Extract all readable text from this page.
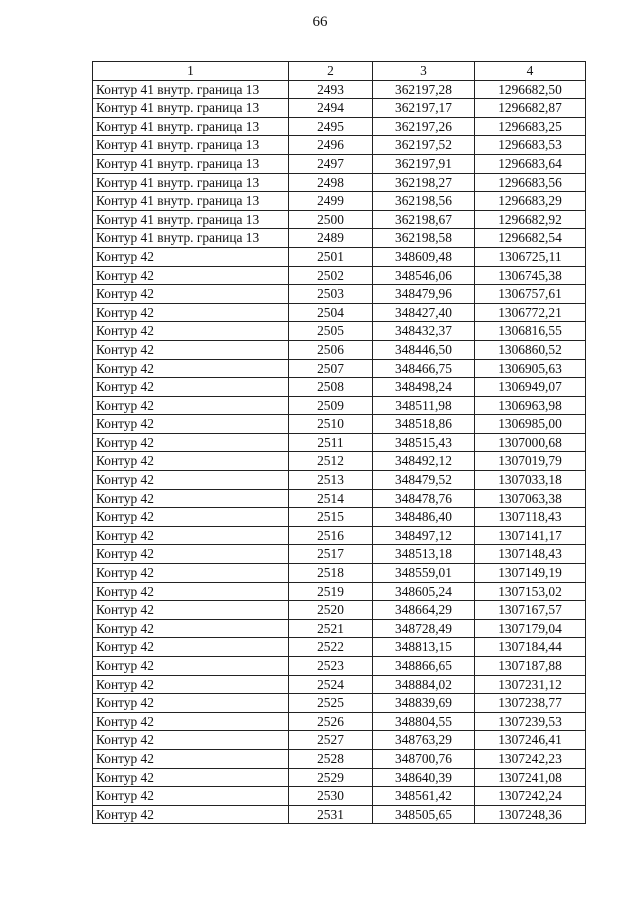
66
1	2	3	4
Контур 41 внутр. граница 13	2493	362197,28	1296682,50
Контур 41 внутр. граница 13	2494	362197,17	1296682,87
Контур 41 внутр. граница 13	2495	362197,26	1296683,25
Контур 41 внутр. граница 13	2496	362197,52	1296683,53
Контур 41 внутр. граница 13	2497	362197,91	1296683,64
Контур 41 внутр. граница 13	2498	362198,27	1296683,56
Контур 41 внутр. граница 13	2499	362198,56	1296683,29
Контур 41 внутр. граница 13	2500	362198,67	1296682,92
Контур 41 внутр. граница 13	2489	362198,58	1296682,54
Контур 42	2501	348609,48	1306725,11
Контур 42	2502	348546,06	1306745,38
Контур 42	2503	348479,96	1306757,61
Контур 42	2504	348427,40	1306772,21
Контур 42	2505	348432,37	1306816,55
Контур 42	2506	348446,50	1306860,52
Контур 42	2507	348466,75	1306905,63
Контур 42	2508	348498,24	1306949,07
Контур 42	2509	348511,98	1306963,98
Контур 42	2510	348518,86	1306985,00
Контур 42	2511	348515,43	1307000,68
Контур 42	2512	348492,12	1307019,79
Контур 42	2513	348479,52	1307033,18
Контур 42	2514	348478,76	1307063,38
Контур 42	2515	348486,40	1307118,43
Контур 42	2516	348497,12	1307141,17
Контур 42	2517	348513,18	1307148,43
Контур 42	2518	348559,01	1307149,19
Контур 42	2519	348605,24	1307153,02
Контур 42	2520	348664,29	1307167,57
Контур 42	2521	348728,49	1307179,04
Контур 42	2522	348813,15	1307184,44
Контур 42	2523	348866,65	1307187,88
Контур 42	2524	348884,02	1307231,12
Контур 42	2525	348839,69	1307238,77
Контур 42	2526	348804,55	1307239,53
Контур 42	2527	348763,29	1307246,41
Контур 42	2528	348700,76	1307242,23
Контур 42	2529	348640,39	1307241,08
Контур 42	2530	348561,42	1307242,24
Контур 42	2531	348505,65	1307248,36
